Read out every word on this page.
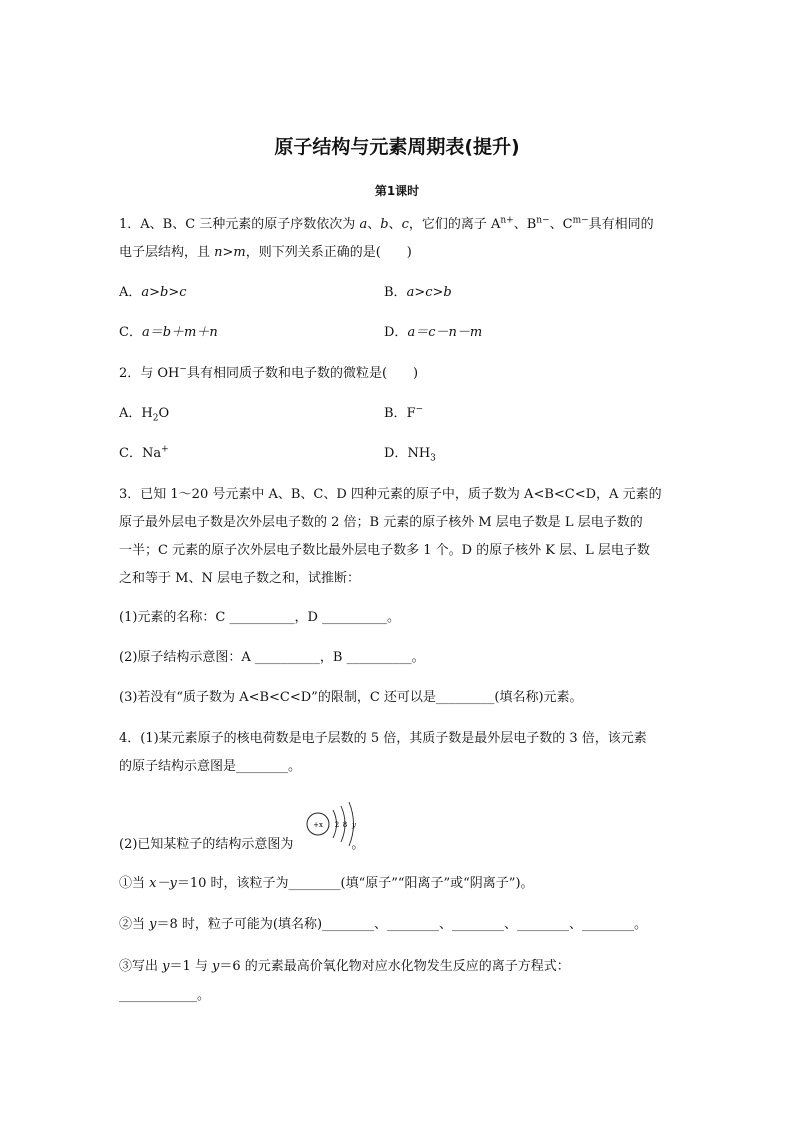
原子结构与元素周期表(提升)
第1课时
1．A、B、C 三种元素的原子序数依次为 a、b、c，它们的离子 $A^{n+}$、$B^{n-}$、$C^{m-}$具有相同的
电子层结构，且 n>m，则下列关系正确的是(　　)
A．a>b>c	B．a>c>b
C．a＝b＋m＋n	D．a＝c－n－m
2．与 OH−具有相同质子数和电子数的微粒是(　　)
A．$H_2O$	B．F−
C．Na+	D．$NH_3$
3．已知 1～20 号元素中 A、B、C、D 四种元素的原子中，质子数为 A<B<C<D，A 元素的
原子最外层电子数是次外层电子数的 2 倍；B 元素的原子核外 M 层电子数是 L 层电子数的
一半；C 元素的原子次外层电子数比最外层电子数多 1 个。D 的原子核外 K 层、L 层电子数
之和等于 M、N 层电子数之和，试推断：
(1)元素的名称：C __________，D __________。
(2)原子结构示意图：A __________，B __________。
(3)若没有“质子数为 A<B<C<D”的限制，C 还可以是_________(填名称)元素。
4．(1)某元素原子的核电荷数是电子层数的 5 倍，其质子数是最外层电子数的 3 倍，该元素
的原子结构示意图是________。
(2)已知某粒子的结构示意图为	。
+x 2 8 y
①当 x－y＝10 时，该粒子为________(填“原子”“阳离子”或“阴离子”)。
②当 y＝8 时，粒子可能为(填名称)________、________、________、________、________。
③写出 y＝1 与 y＝6 的元素最高价氧化物对应水化物发生反应的离子方程式：
____________。
